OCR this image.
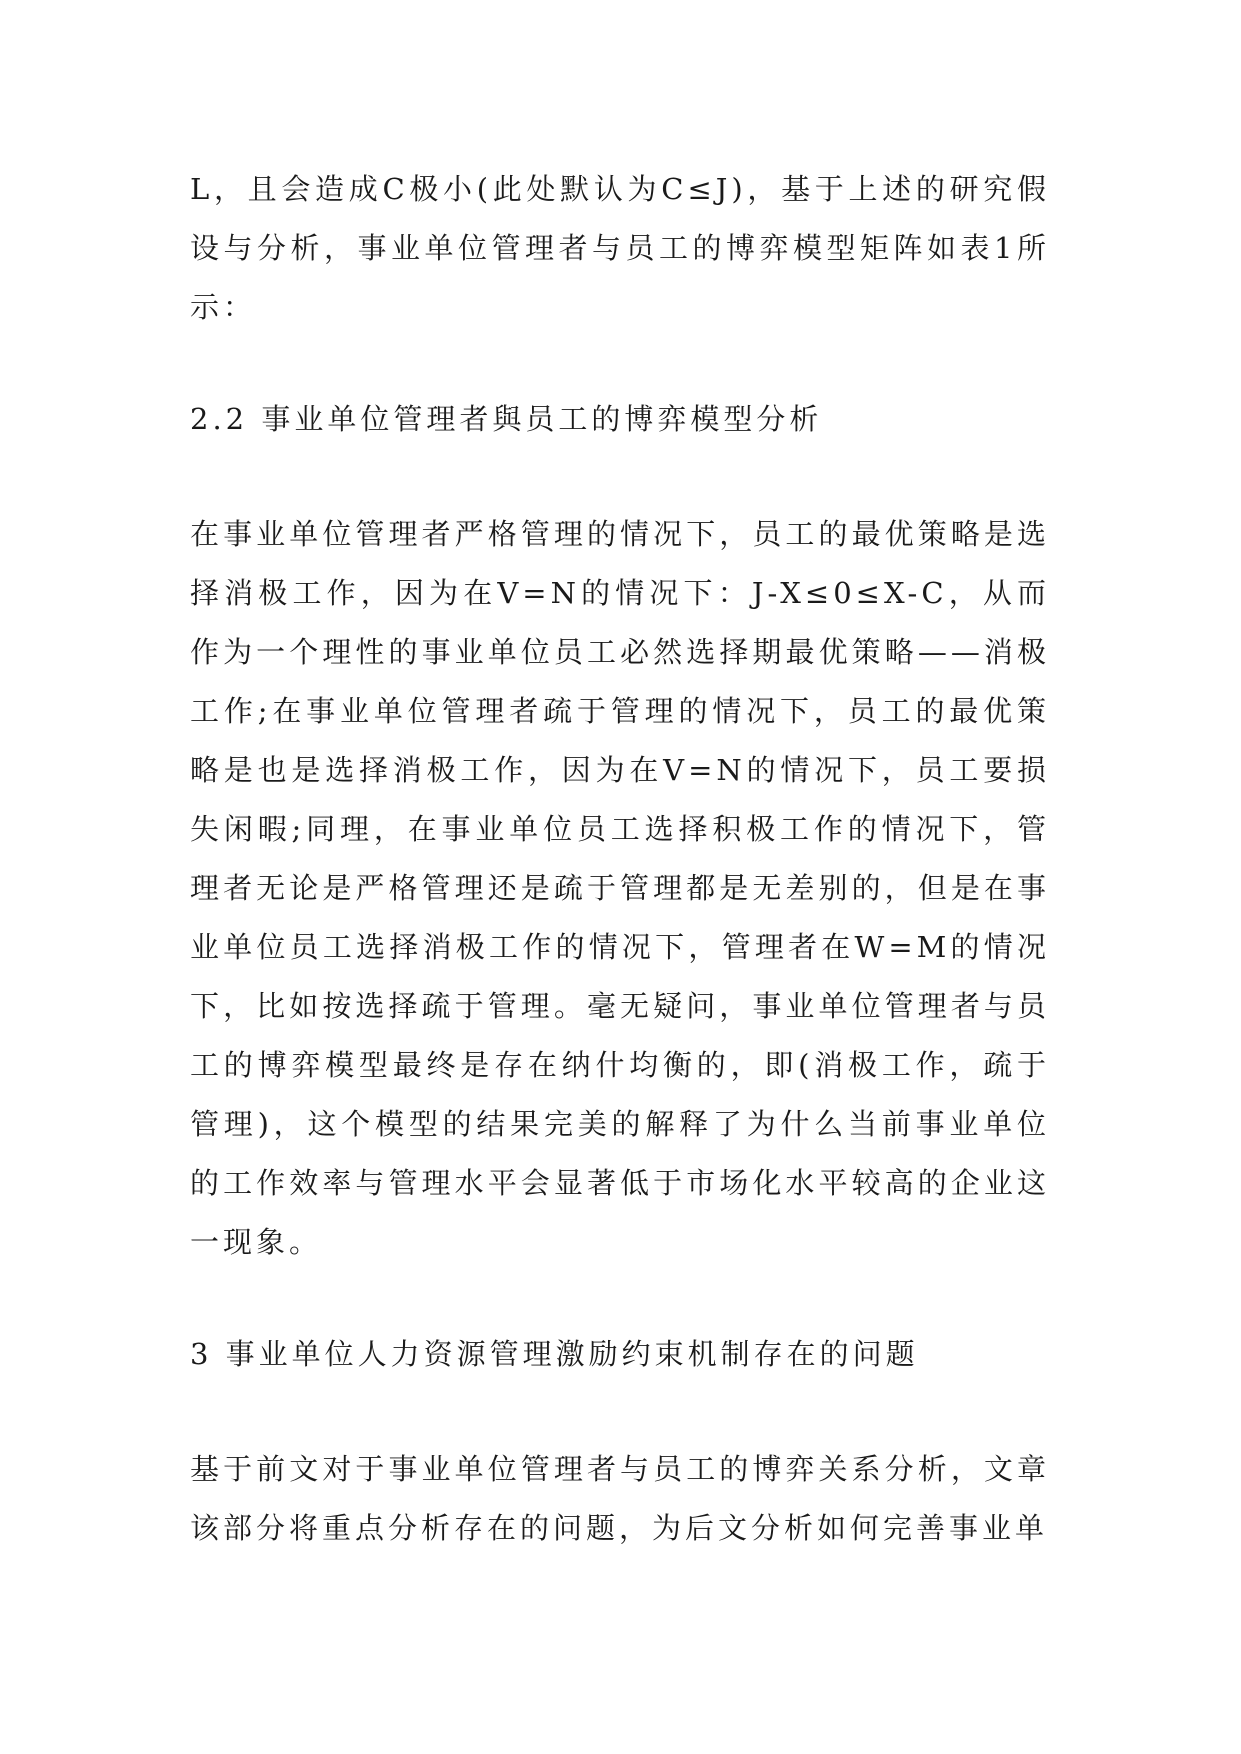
L，且会造成C极小(此处默认为C≤J)，基于上述的研究假设与分析，事业单位管理者与员工的博弈模型矩阵如表1所示：

2.2 事业单位管理者與员工的博弈模型分析

在事业单位管理者严格管理的情况下，员工的最优策略是选择消极工作，因为在V=N的情况下：J-X≤0≤X-C，从而作为一个理性的事业单位员工必然选择期最优策略——消极工作;在事业单位管理者疏于管理的情况下，员工的最优策略是也是选择消极工作，因为在V=N的情况下，员工要损失闲暇;同理，在事业单位员工选择积极工作的情况下，管理者无论是严格管理还是疏于管理都是无差别的，但是在事业单位员工选择消极工作的情况下，管理者在W=M的情况下，比如按选择疏于管理。毫无疑问，事业单位管理者与员工的博弈模型最终是存在纳什均衡的，即(消极工作，疏于管理)，这个模型的结果完美的解释了为什么当前事业单位的工作效率与管理水平会显著低于市场化水平较高的企业这一现象。

3 事业单位人力资源管理激励约束机制存在的问题

基于前文对于事业单位管理者与员工的博弈关系分析，文章该部分将重点分析存在的问题，为后文分析如何完善事业单
